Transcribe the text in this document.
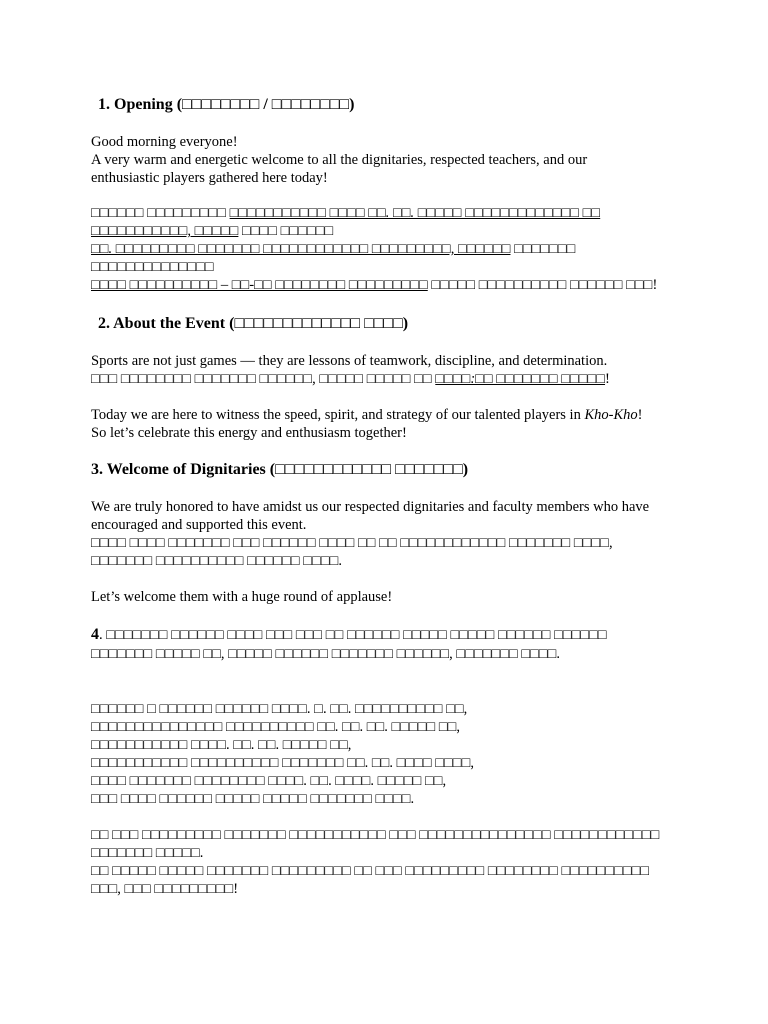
1. Opening (□□□□□□□□ / □□□□□□□□)
Good morning everyone!
A very warm and energetic welcome to all the dignitaries, respected teachers, and our
enthusiastic players gathered here today!
□□□□□□ □□□□□□□□□ □□□□□□□□□□□ □□□□ □□. □□. □□□□□ □□□□□□□□□□□□□ □□
□□□□□□□□□□□, □□□□□ □□□□ □□□□□□
□□. □□□□□□□□□ □□□□□□□ □□□□□□□□□□□□ □□□□□□□□□, □□□□□□ □□□□□□□
□□□□□□□□□□□□□□
□□□□ □□□□□□□□□□ – □□-□□ □□□□□□□□ □□□□□□□□□ □□□□□ □□□□□□□□□□ □□□□□□ □□□!
2. About the Event (□□□□□□□□□□□□□ □□□□)
Sports are not just games — they are lessons of teamwork, discipline, and determination.
□□□ □□□□□□□□ □□□□□□□ □□□□□□, □□□□□ □□□□□ □□ □□□□:□□ □□□□□□□ □□□□□!
Today we are here to witness the speed, spirit, and strategy of our talented players in Kho-Kho!
So let’s celebrate this energy and enthusiasm together!
3. Welcome of Dignitaries (□□□□□□□□□□□□ □□□□□□□)
We are truly honored to have amidst us our respected dignitaries and faculty members who have
encouraged and supported this event.
□□□□ □□□□ □□□□□□□ □□□ □□□□□□ □□□□ □□ □□ □□□□□□□□□□□□ □□□□□□□ □□□□,
□□□□□□□ □□□□□□□□□□ □□□□□□ □□□□.
Let’s welcome them with a huge round of applause!
4. □□□□□□□ □□□□□□ □□□□ □□□ □□□ □□ □□□□□□ □□□□□ □□□□□ □□□□□□ □□□□□□
□□□□□□□ □□□□□ □□, □□□□□ □□□□□□ □□□□□□□ □□□□□□, □□□□□□□ □□□□.
□□□□□□ □ □□□□□□ □□□□□□ □□□□. □. □□. □□□□□□□□□□ □□,
□□□□□□□□□□□□□□□ □□□□□□□□□□ □□. □□. □□. □□□□□ □□,
□□□□□□□□□□□ □□□□. □□. □□. □□□□□ □□,
□□□□□□□□□□□ □□□□□□□□□□ □□□□□□□ □□. □□. □□□□ □□□□,
□□□□ □□□□□□□ □□□□□□□□ □□□□. □□. □□□□. □□□□□ □□,
□□□ □□□□ □□□□□□ □□□□□ □□□□□ □□□□□□□ □□□□.
□□ □□□ □□□□□□□□□ □□□□□□□ □□□□□□□□□□□ □□□ □□□□□□□□□□□□□□□ □□□□□□□□□□□□
□□□□□□□ □□□□□.
□□ □□□□□ □□□□□ □□□□□□□ □□□□□□□□□ □□ □□□ □□□□□□□□□ □□□□□□□□ □□□□□□□□□□
□□□, □□□ □□□□□□□□□!
